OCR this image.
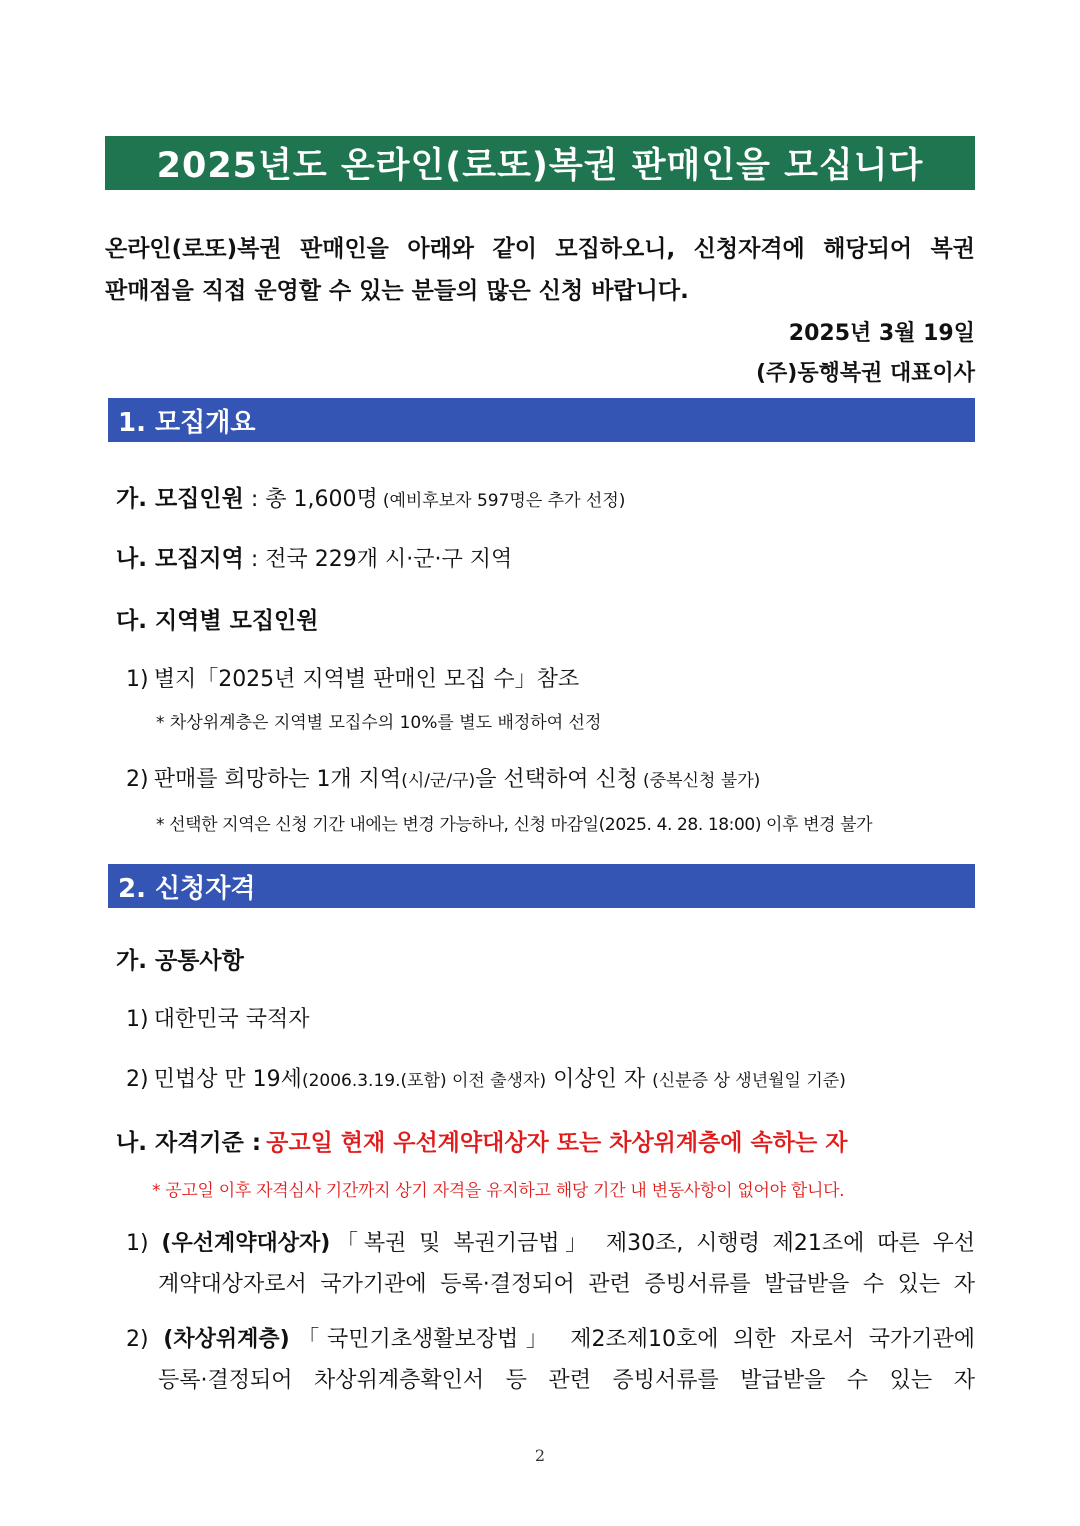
2025년도 온라인(로또)복권 판매인을 모십니다
온라인(로또)복권 판매인을 아래와 같이 모집하오니, 신청자격에 해당되어 복권
판매점을 직접 운영할 수 있는 분들의 많은 신청 바랍니다.
2025년 3월 19일
(주)동행복권 대표이사
1. 모집개요
가. 모집인원 : 총 1,600명 (예비후보자 597명은 추가 선정)
나. 모집지역 : 전국 229개 시·군·구 지역
다. 지역별 모집인원
1) 별지「2025년 지역별 판매인 모집 수」참조
* 차상위계층은 지역별 모집수의 10%를 별도 배정하여 선정
2) 판매를 희망하는 1개 지역(시/군/구)을 선택하여 신청 (중복신청 불가)
* 선택한 지역은 신청 기간 내에는 변경 가능하나, 신청 마감일(2025. 4. 28. 18:00) 이후 변경 불가
2. 신청자격
가. 공통사항
1) 대한민국 국적자
2) 민법상 만 19세(2006.3.19.(포함) 이전 출생자) 이상인 자 (신분증 상 생년월일 기준)
나. 자격기준 : 공고일 현재 우선계약대상자 또는 차상위계층에 속하는 자
* 공고일 이후 자격심사 기간까지 상기 자격을 유지하고 해당 기간 내 변동사항이 없어야 합니다.
1) (우선계약대상자)「복권 및 복권기금법」 제30조, 시행령 제21조에 따른 우선
계약대상자로서 국가기관에 등록·결정되어 관련 증빙서류를 발급받을 수 있는 자
2) (차상위계층)「국민기초생활보장법」 제2조제10호에 의한 자로서 국가기관에
등록·결정되어 차상위계층확인서 등 관련 증빙서류를 발급받을 수 있는 자
2
